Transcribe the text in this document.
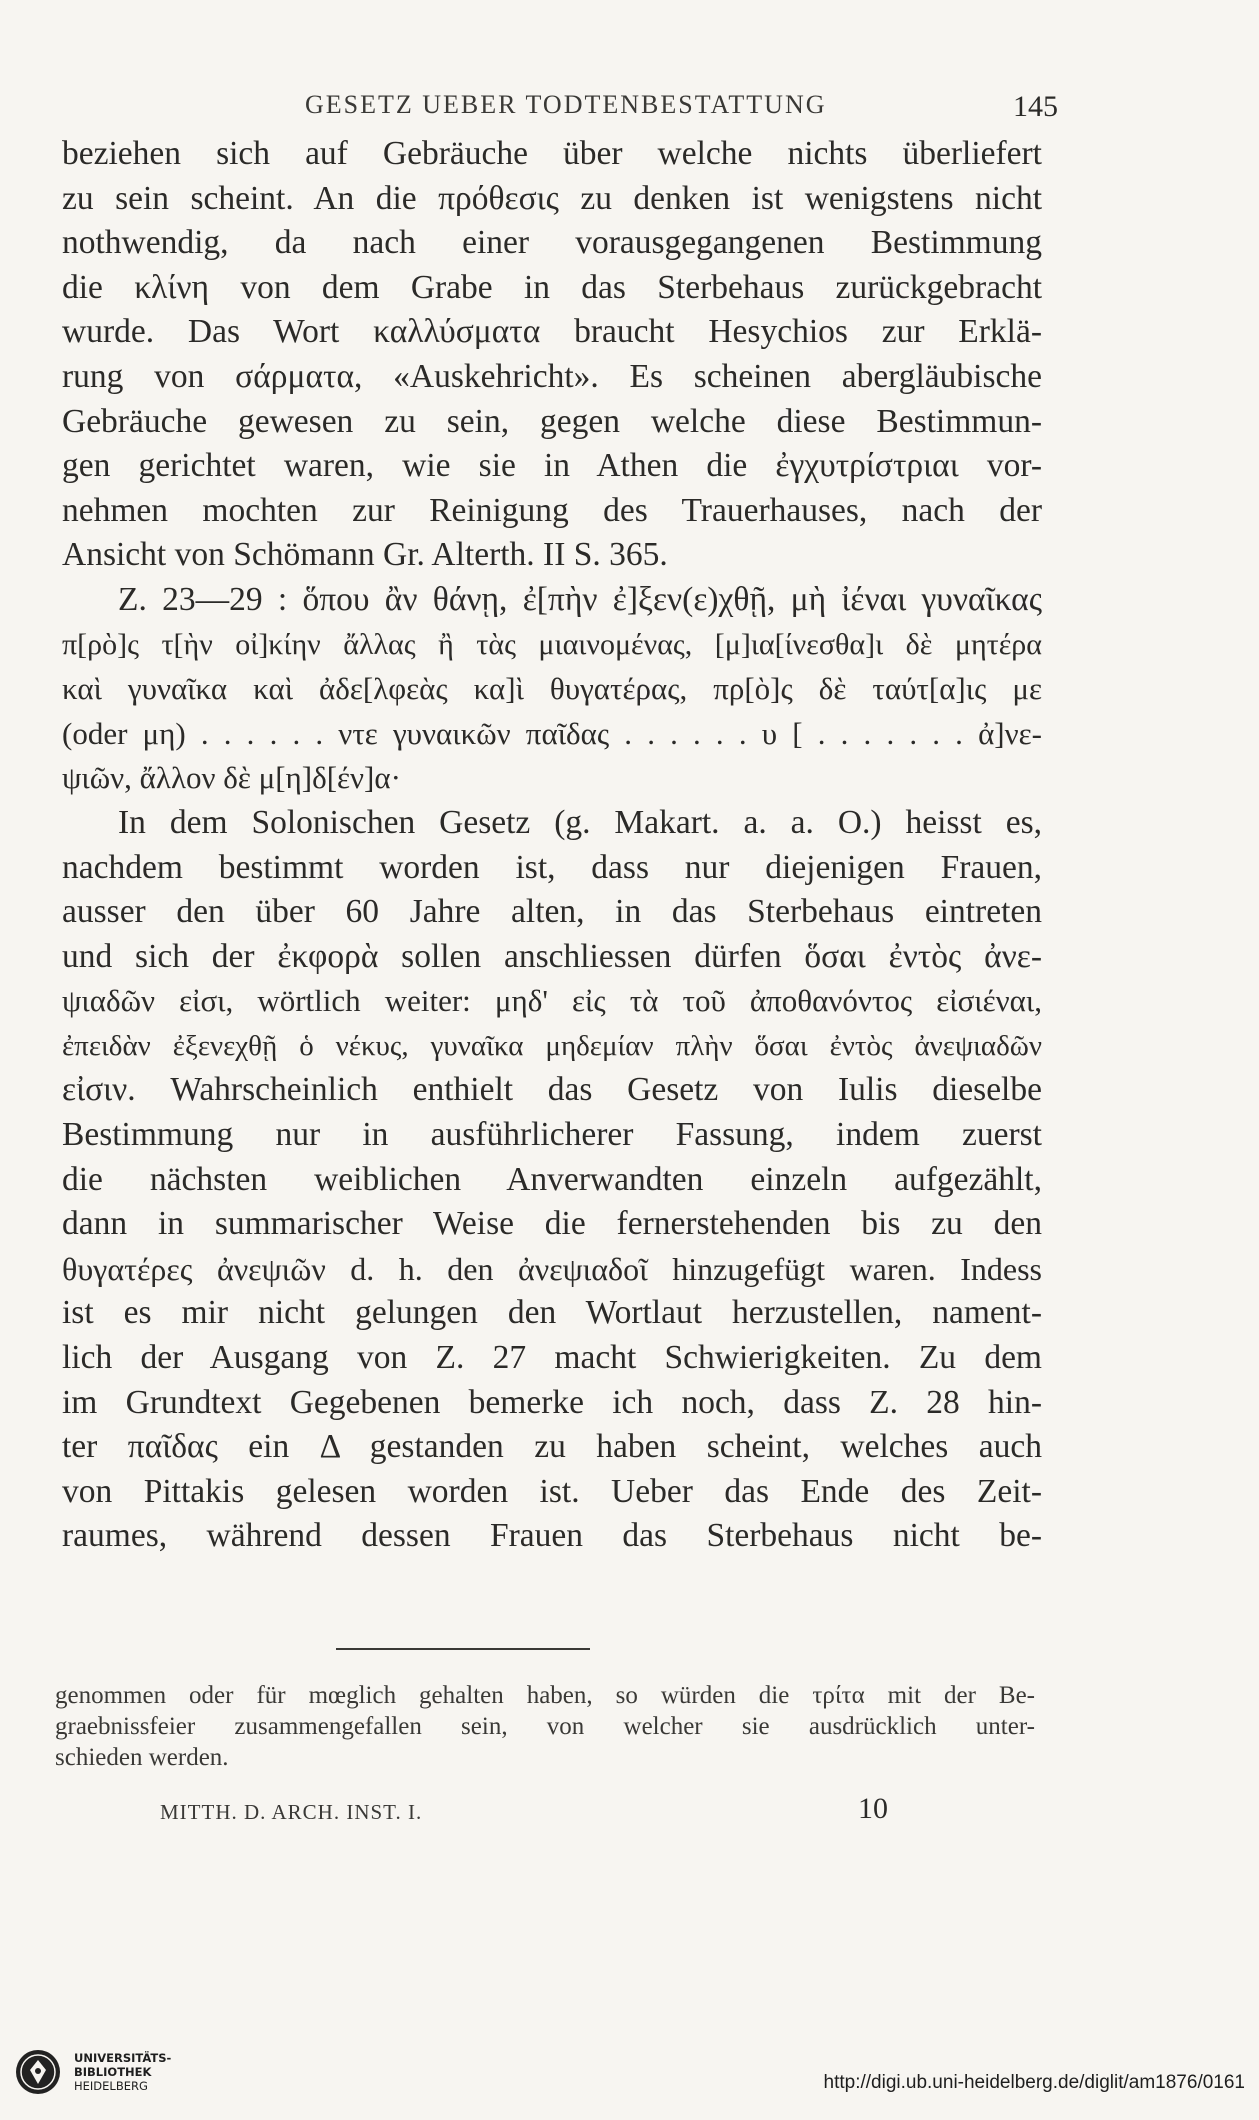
GESETZ UEBER TODTENBESTATTUNG	145
beziehen sich auf Gebräuche über welche nichts überliefert
zu sein scheint. An die πρόθεσις zu denken ist wenigstens nicht
nothwendig, da nach einer vorausgegangenen Bestimmung
die κλίνη von dem Grabe in das Sterbehaus zurückgebracht
wurde. Das Wort καλλύσματα braucht Hesychios zur Erklä-
rung von σάρματα, «Auskehricht». Es scheinen abergläubische
Gebräuche gewesen zu sein, gegen welche diese Bestimmun-
gen gerichtet waren, wie sie in Athen die ἐγχυτρίστριαι vor-
nehmen mochten zur Reinigung des Trauerhauses, nach der
Ansicht von Schömann Gr. Alterth. II S. 365.
Z. 23—29 : ὅπου ἂν θάνῃ, ἐ[πὴν ἐ]ξεν(ε)χθῇ, μὴ ἰέναι γυναῖκας
π[ρὸ]ς τ[ὴν οἰ]κίην ἄλλας ἢ τὰς μιαινομένας, [μ]ια[ίνεσθα]ι δὲ μητέρα
καὶ γυναῖκα καὶ ἀδε[λφεὰς κα]ὶ θυγατέρας, πρ[ὸ]ς δὲ ταύτ[α]ις με
(oder μη) . . . . . . ντε γυναικῶν παῖδας . . . . . . υ [ . . . . . . . ἀ]νε-
ψιῶν, ἄλλον δὲ μ[η]δ[έν]α·
In dem Solonischen Gesetz (g. Makart. a. a. O.) heisst es,
nachdem bestimmt worden ist, dass nur diejenigen Frauen,
ausser den über 60 Jahre alten, in das Sterbehaus eintreten
und sich der ἐκφορὰ sollen anschliessen dürfen ὅσαι ἐντὸς ἀνε-
ψιαδῶν εἰσι, wörtlich weiter: μηδ' εἰς τὰ τοῦ ἀποθανόντος εἰσιέναι,
ἐπειδὰν ἐξενεχθῇ ὁ νέκυς, γυναῖκα μηδεμίαν πλὴν ὅσαι ἐντὸς ἀνεψιαδῶν
εἰσιν. Wahrscheinlich enthielt das Gesetz von Iulis dieselbe
Bestimmung nur in ausführlicherer Fassung, indem zuerst
die nächsten weiblichen Anverwandten einzeln aufgezählt,
dann in summarischer Weise die fernerstehenden bis zu den
θυγατέρες ἀνεψιῶν d. h. den ἀνεψιαδοῖ hinzugefügt waren. Indess
ist es mir nicht gelungen den Wortlaut herzustellen, nament-
lich der Ausgang von Z. 27 macht Schwierigkeiten. Zu dem
im Grundtext Gegebenen bemerke ich noch, dass Z. 28 hin-
ter παῖδας ein Δ gestanden zu haben scheint, welches auch
von Pittakis gelesen worden ist. Ueber das Ende des Zeit-
raumes, während dessen Frauen das Sterbehaus nicht be-
genommen oder für mœglich gehalten haben, so würden die τρίτα mit der Be-
graebnissfeier zusammengefallen sein, von welcher sie ausdrücklich unter-
schieden werden.
MITTH. D. ARCH. INST. I.	10
UNIVERSITÄTS-
BIBLIOTHEK
HEIDELBERG	http://digi.ub.uni-heidelberg.de/diglit/am1876/0161
